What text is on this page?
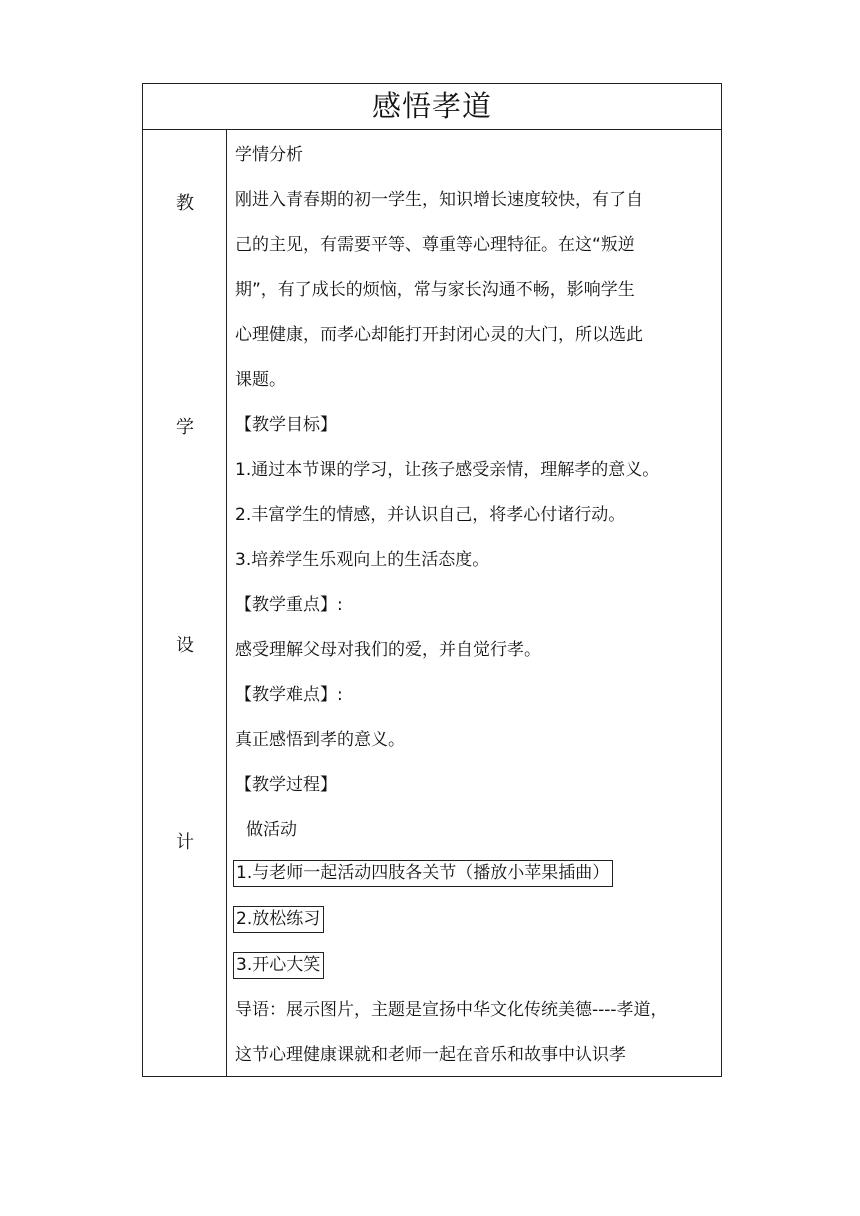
感悟孝道
教
学
设
计
学情分析
刚进入青春期的初一学生，知识增长速度较快，有了自
己的主见，有需要平等、尊重等心理特征。在这“叛逆
期”，有了成长的烦恼，常与家长沟通不畅，影响学生
心理健康，而孝心却能打开封闭心灵的大门，所以选此
课题。
【教学目标】
1.通过本节课的学习，让孩子感受亲情，理解孝的意义。
2.丰富学生的情感，并认识自己，将孝心付诸行动。
3.培养学生乐观向上的生活态度。
【教学重点】:
感受理解父母对我们的爱，并自觉行孝。
【教学难点】:
真正感悟到孝的意义。
【教学过程】
做活动
1.与老师一起活动四肢各关节（播放小苹果插曲）
2.放松练习
3.开心大笑
导语：展示图片，主题是宣扬中华文化传统美德----孝道，
这节心理健康课就和老师一起在音乐和故事中认识孝
